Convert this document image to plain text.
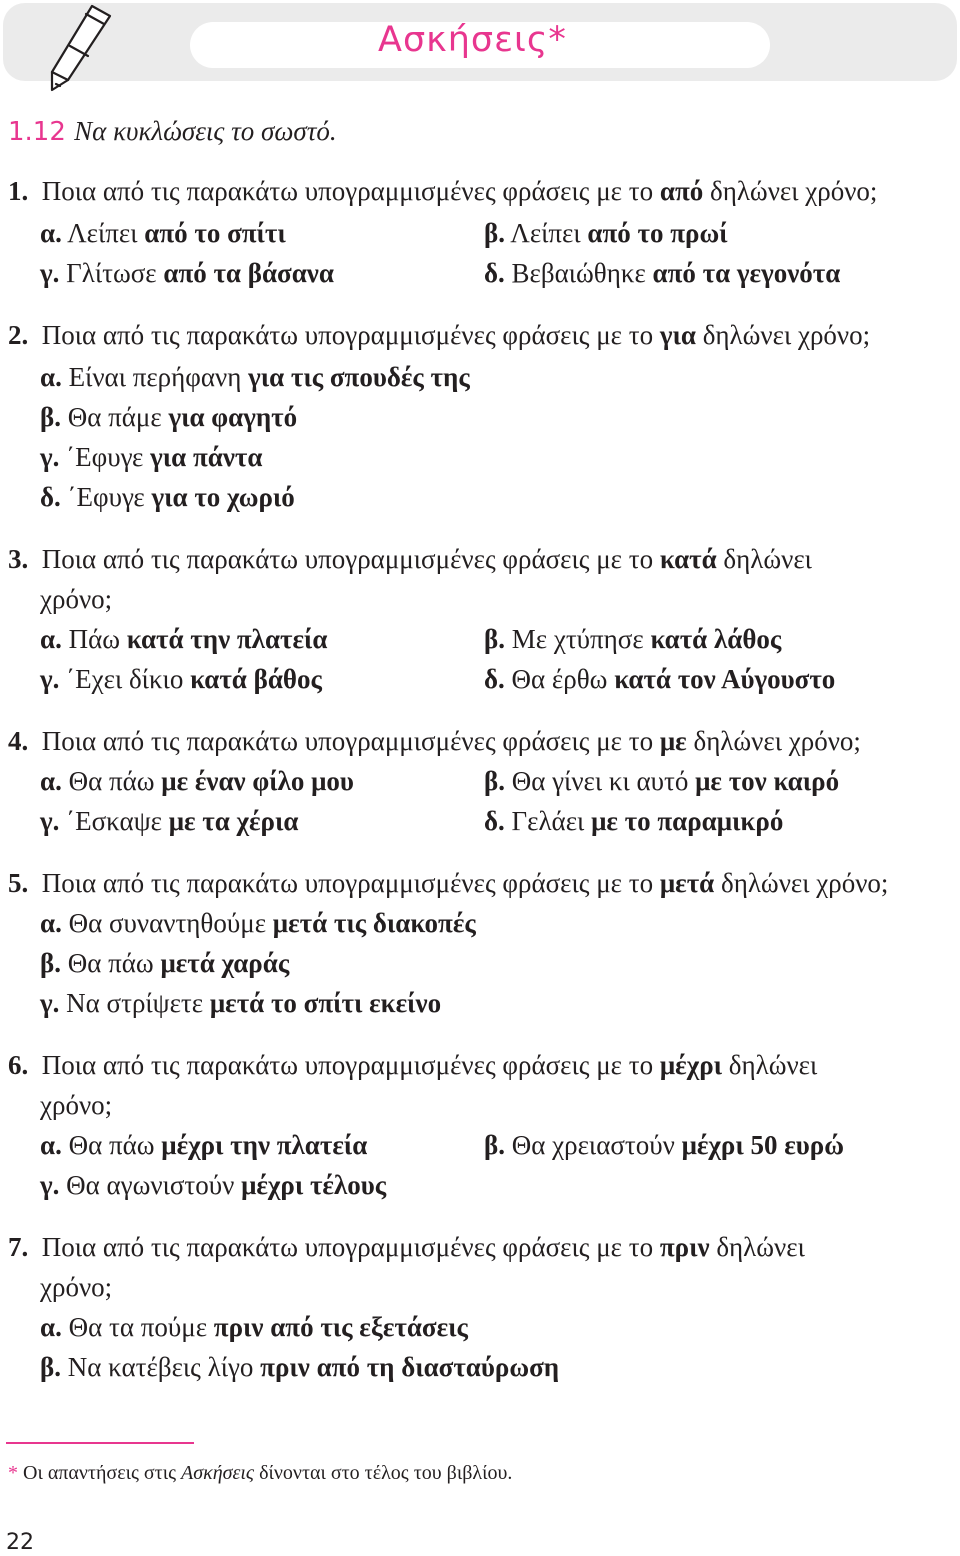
Ασκήσεις*
1.12 Να κυκλώσεις το σωστό.
1. Ποια από τις παρακάτω υπογραμμισμένες φράσεις με το από δηλώνει χρόνο;
α. Λείπει από το σπίτι	β. Λείπει από το πρωί
γ. Γλίτωσε από τα βάσανα	δ. Βεβαιώθηκε από τα γεγονότα
2. Ποια από τις παρακάτω υπογραμμισμένες φράσεις με το για δηλώνει χρόνο;
α. Είναι περήφανη για τις σπουδές της
β. Θα πάμε για φαγητό
γ. ΄Εφυγε για πάντα
δ. ΄Εφυγε για το χωριό
3. Ποια από τις παρακάτω υπογραμμισμένες φράσεις με το κατά δηλώνει
χρόνο;
α. Πάω κατά την πλατεία	β. Με χτύπησε κατά λάθος
γ. ΄Εχει δίκιο κατά βάθος	δ. Θα έρθω κατά τον Αύγουστο
4. Ποια από τις παρακάτω υπογραμμισμένες φράσεις με το με δηλώνει χρόνο;
α. Θα πάω με έναν φίλο μου	β. Θα γίνει κι αυτό με τον καιρό
γ. ΄Εσκαψε με τα χέρια	δ. Γελάει με το παραμικρό
5. Ποια από τις παρακάτω υπογραμμισμένες φράσεις με το μετά δηλώνει χρόνο;
α. Θα συναντηθούμε μετά τις διακοπές
β. Θα πάω μετά χαράς
γ. Να στρίψετε μετά το σπίτι εκείνο
6. Ποια από τις παρακάτω υπογραμμισμένες φράσεις με το μέχρι δηλώνει
χρόνο;
α. Θα πάω μέχρι την πλατεία	β. Θα χρειαστούν μέχρι 50 ευρώ
γ. Θα αγωνιστούν μέχρι τέλους
7. Ποια από τις παρακάτω υπογραμμισμένες φράσεις με το πριν δηλώνει
χρόνο;
α. Θα τα πούμε πριν από τις εξετάσεις
β. Να κατέβεις λίγο πριν από τη διασταύρωση
* Οι απαντήσεις στις Ασκήσεις δίνονται στο τέλος του βιβλίου.
22
